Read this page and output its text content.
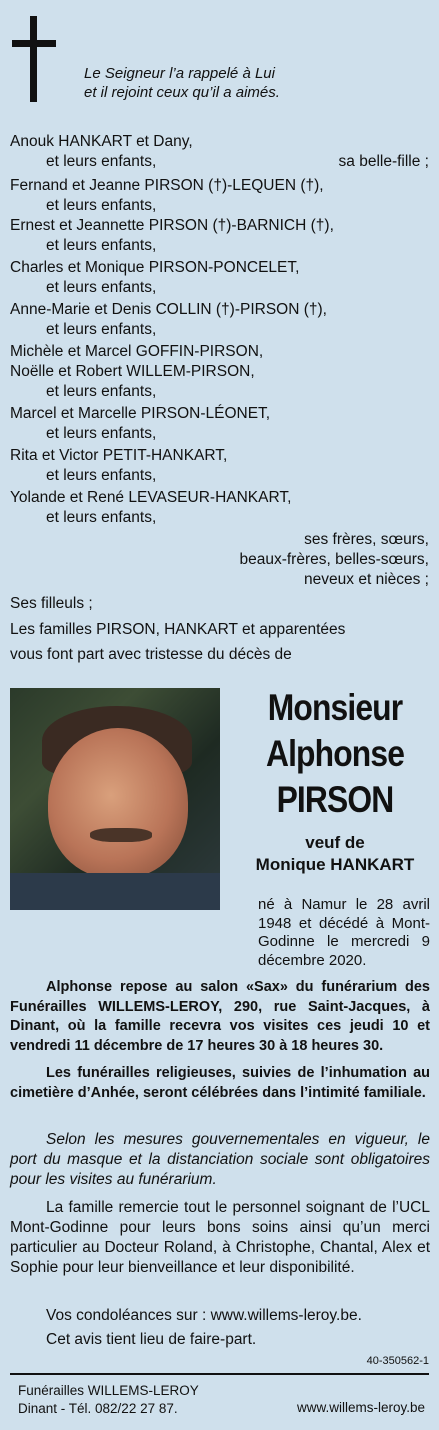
Le Seigneur l’a rappelé à Lui
et il rejoint ceux qu’il a aimés.
Anouk HANKART et Dany,
et leurs enfants,	sa belle-fille ;
Fernand et Jeanne PIRSON (†)-LEQUEN (†),
et leurs enfants,
Ernest et Jeannette PIRSON (†)-BARNICH (†),
et leurs enfants,
Charles et Monique PIRSON-PONCELET,
et leurs enfants,
Anne-Marie et Denis COLLIN (†)-PIRSON (†),
et leurs enfants,
Michèle et Marcel GOFFIN-PIRSON,
Noëlle et Robert WILLEM-PIRSON,
et leurs enfants,
Marcel et Marcelle PIRSON-LÉONET,
et leurs enfants,
Rita et Victor PETIT-HANKART,
et leurs enfants,
Yolande et René LEVASEUR-HANKART,
et leurs enfants,
ses frères, sœurs,
beaux-frères, belles-sœurs,
neveux et nièces ;
Ses filleuls ;
Les familles PIRSON, HANKART et apparentées
vous font part avec tristesse du décès de
Monsieur
Alphonse
PIRSON
veuf de
Monique HANKART
né à Namur le 28 avril 1948 et décédé à Mont-Godinne le mercredi 9 décembre 2020.
Alphonse repose au salon «Sax» du funérarium des Funérailles WILLEMS-LEROY, 290, rue Saint-Jacques, à Dinant, où la famille recevra vos visites ces jeudi 10 et vendredi 11 décembre de 17 heures 30 à 18 heures 30.
Les funérailles religieuses, suivies de l’inhumation au cimetière d’Anhée, seront célébrées dans l’intimité familiale.
Selon les mesures gouvernementales en vigueur, le port du masque et la distanciation sociale sont obligatoires pour les visites au funérarium.
La famille remercie tout le personnel soignant de l’UCL Mont-Godinne pour leurs bons soins ainsi qu’un merci particulier au Docteur Roland, à Christophe, Chantal, Alex et Sophie pour leur bienveillance et leur disponibilité.
Vos condoléances sur : www.willems-leroy.be.
Cet avis tient lieu de faire-part.
40-350562-1
Funérailles WILLEMS-LEROY
Dinant - Tél. 082/22 27 87.	www.willems-leroy.be
